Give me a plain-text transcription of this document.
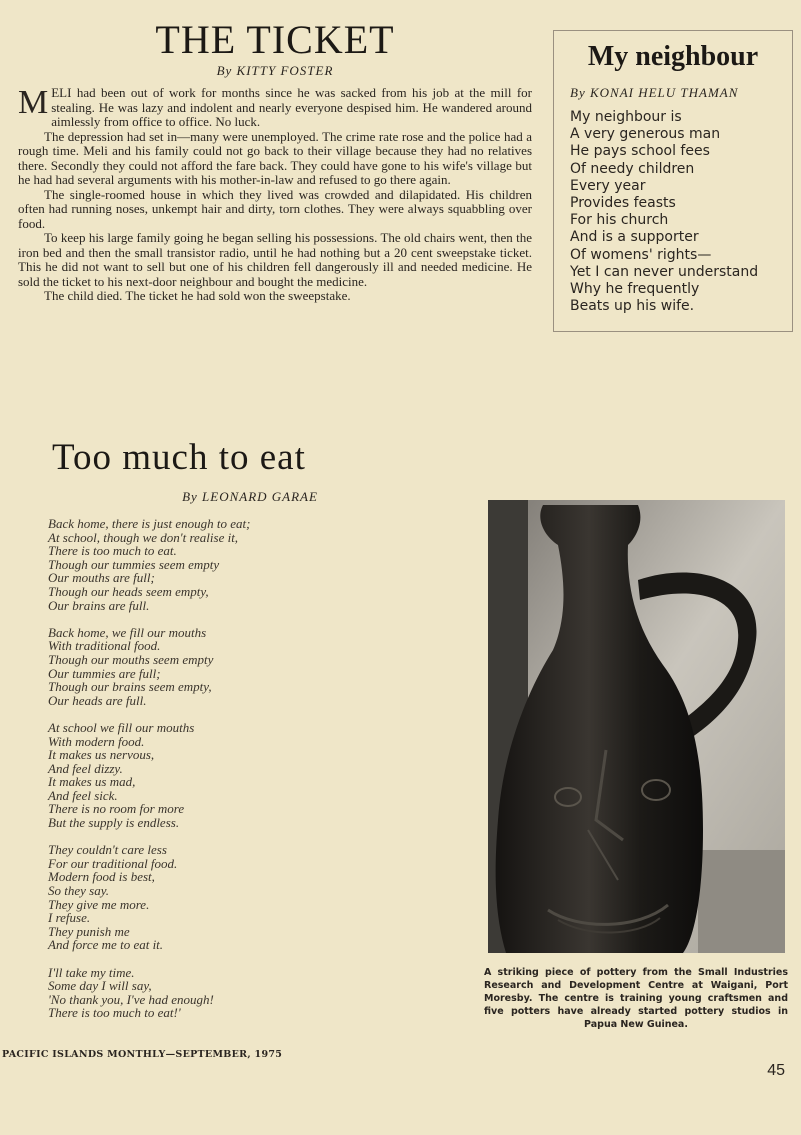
THE TICKET
By KITTY FOSTER

MELI had been out of work for months since he was sacked from his job at the mill for stealing. He was lazy and indolent and nearly everyone despised him. He wandered around aimlessly from office to office. No luck.

The depression had set in—many were unemployed. The crime rate rose and the police had a rough time. Meli and his family could not go back to their village because they had no relatives there. Secondly they could not afford the fare back. They could have gone to his wife's village but he had had several arguments with his mother-in-law and refused to go there again.

The single-roomed house in which they lived was crowded and dilapidated. His children often had running noses, unkempt hair and dirty, torn clothes. They were always squabbling over food.

To keep his large family going he began selling his possessions. The old chairs went, then the iron bed and then the small transistor radio, until he had nothing but a 20 cent sweepstake ticket. This he did not want to sell but one of his children fell dangerously ill and needed medicine. He sold the ticket to his next-door neighbour and bought the medicine.

The child died. The ticket he had sold won the sweepstake.

My neighbour
By KONAI HELU THAMAN
My neighbour is
A very generous man
He pays school fees
Of needy children
Every year
Provides feasts
For his church
And is a supporter
Of womens' rights—
Yet I can never understand
Why he frequently
Beats up his wife.
Too much to eat
By LEONARD GARAE
Back home, there is just enough to eat;
At school, though we don't realise it,
There is too much to eat.
Though our tummies seem empty
Our mouths are full;
Though our heads seem empty,
Our brains are full.
Back home, we fill our mouths
With traditional food.
Though our mouths seem empty
Our tummies are full;
Though our brains seem empty,
Our heads are full.
At school we fill our mouths
With modern food.
It makes us nervous,
And feel dizzy.
It makes us mad,
And feel sick.
There is no room for more
But the supply is endless.
They couldn't care less
For our traditional food.
Modern food is best,
So they say.
They give me more.
I refuse.
They punish me
And force me to eat it.
I'll take my time.
Some day I will say,
'No thank you, I've had enough!
There is too much to eat!'
A striking piece of pottery from the Small Industries Research and Development Centre at Waigani, Port Moresby. The centre is training young craftsmen and five potters have already started pottery studios in Papua New Guinea.
PACIFIC ISLANDS MONTHLY—SEPTEMBER, 1975
45
